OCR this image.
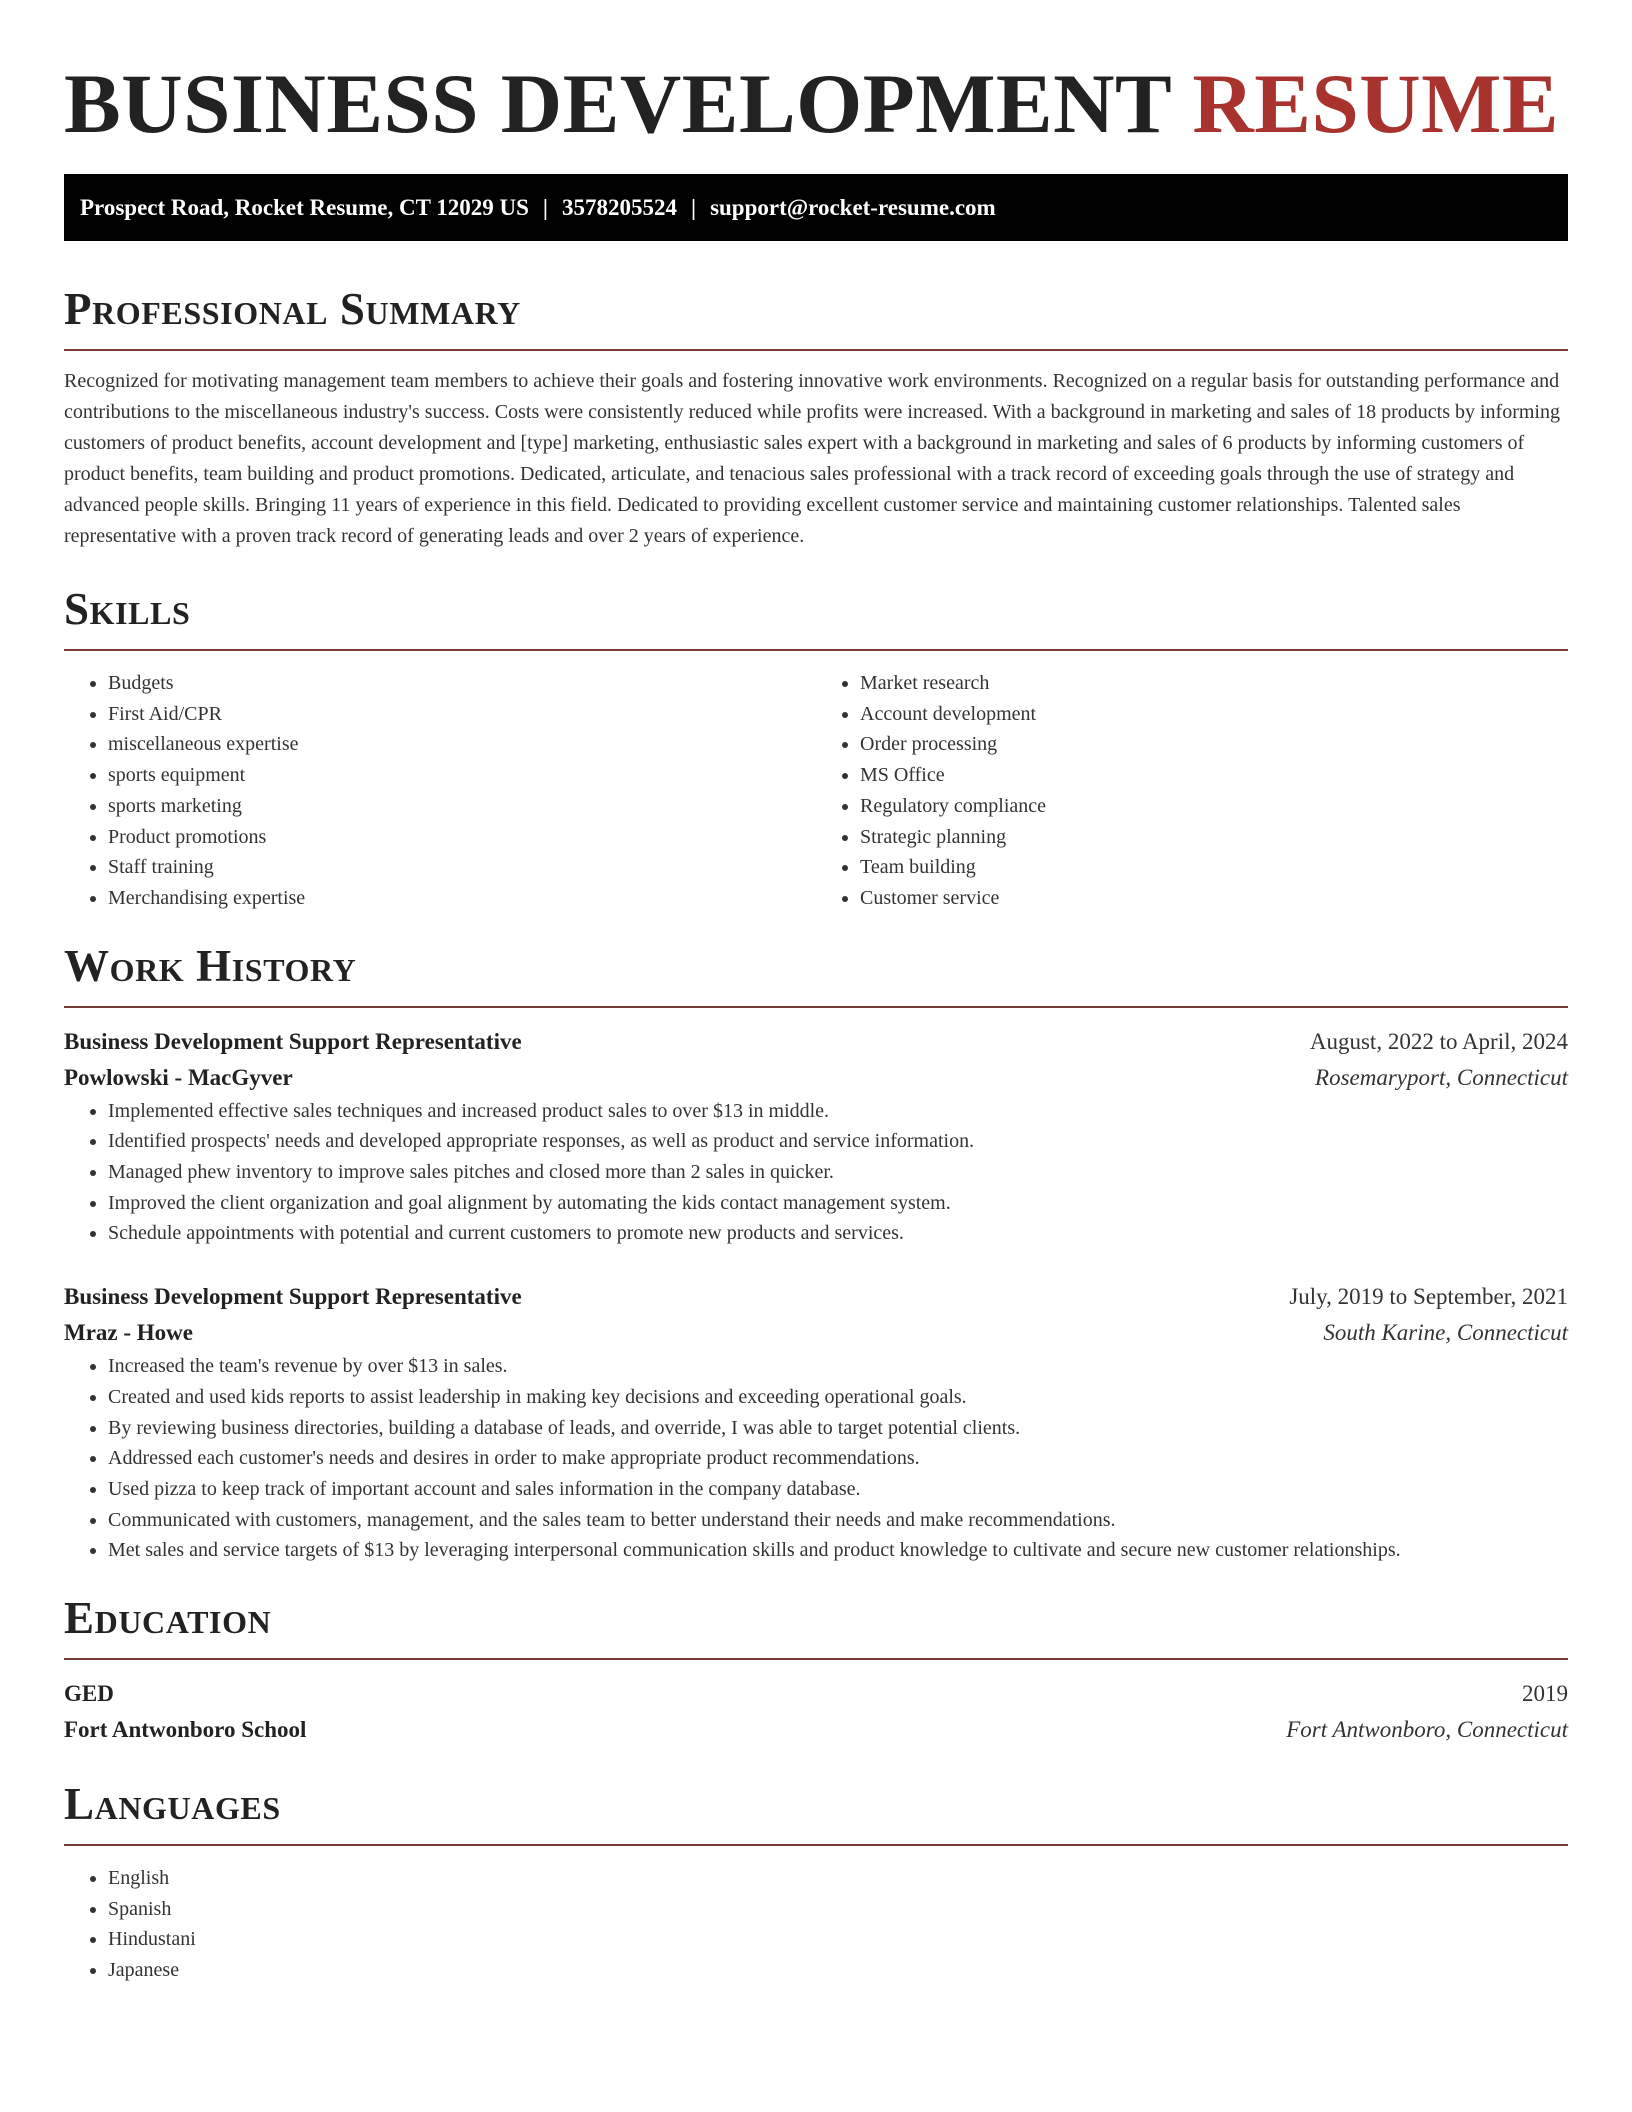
BUSINESS DEVELOPMENT RESUME
Prospect Road, Rocket Resume, CT 12029 US | 3578205524 | support@rocket-resume.com
Professional Summary

Recognized for motivating management team members to achieve their goals and fostering innovative work environments. Recognized on a regular basis for outstanding performance and contributions to the miscellaneous industry's success. Costs were consistently reduced while profits were increased. With a background in marketing and sales of 18 products by informing customers of product benefits, account development and [type] marketing, enthusiastic sales expert with a background in marketing and sales of 6 products by informing customers of product benefits, team building and product promotions. Dedicated, articulate, and tenacious sales professional with a track record of exceeding goals through the use of strategy and advanced people skills. Bringing 11 years of experience in this field. Dedicated to providing excellent customer service and maintaining customer relationships. Talented sales representative with a proven track record of generating leads and over 2 years of experience.

Skills
• Budgets
• First Aid/CPR
• miscellaneous expertise
• sports equipment
• sports marketing
• Product promotions
• Staff training
• Merchandising expertise
• Market research
• Account development
• Order processing
• MS Office
• Regulatory compliance
• Strategic planning
• Team building
• Customer service
Work History
Business Development Support Representative	August, 2022 to April, 2024
Powlowski - MacGyver	Rosemaryport, Connecticut
• Implemented effective sales techniques and increased product sales to over $13 in middle.
• Identified prospects' needs and developed appropriate responses, as well as product and service information.
• Managed phew inventory to improve sales pitches and closed more than 2 sales in quicker.
• Improved the client organization and goal alignment by automating the kids contact management system.
• Schedule appointments with potential and current customers to promote new products and services.
Business Development Support Representative	July, 2019 to September, 2021
Mraz - Howe	South Karine, Connecticut
• Increased the team's revenue by over $13 in sales.
• Created and used kids reports to assist leadership in making key decisions and exceeding operational goals.
• By reviewing business directories, building a database of leads, and override, I was able to target potential clients.
• Addressed each customer's needs and desires in order to make appropriate product recommendations.
• Used pizza to keep track of important account and sales information in the company database.
• Communicated with customers, management, and the sales team to better understand their needs and make recommendations.
• Met sales and service targets of $13 by leveraging interpersonal communication skills and product knowledge to cultivate and secure new customer relationships.
Education
GED	2019
Fort Antwonboro School	Fort Antwonboro, Connecticut
Languages
• English
• Spanish
• Hindustani
• Japanese
